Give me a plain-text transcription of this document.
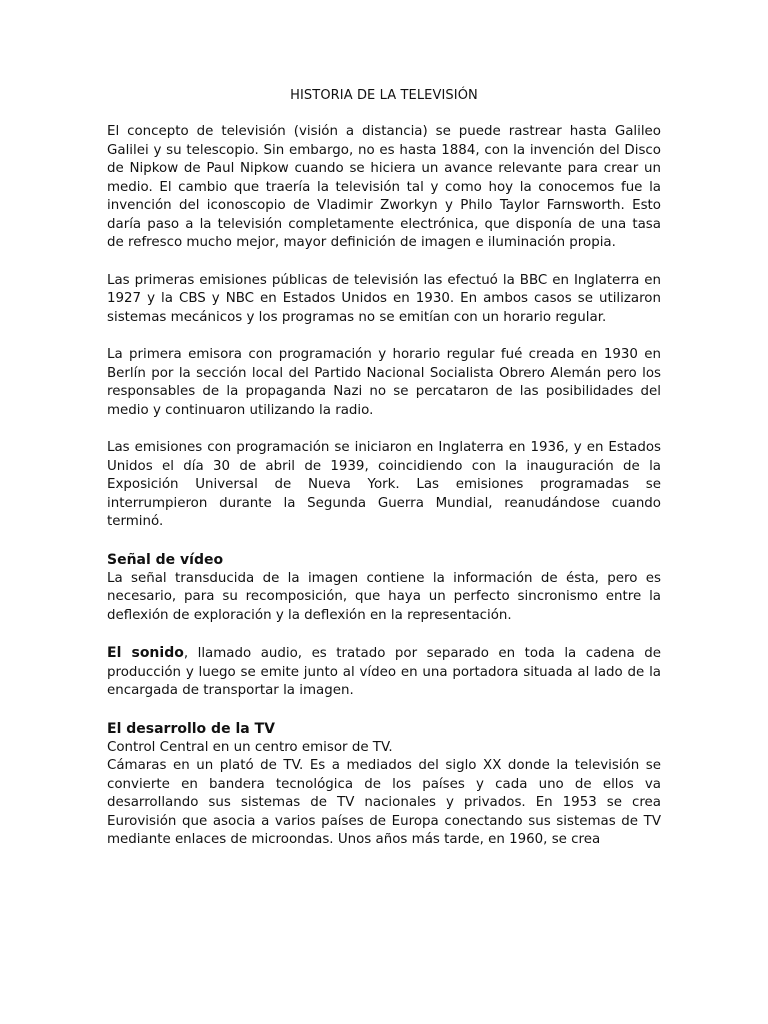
HISTORIA DE LA TELEVISIÓN

El concepto de televisión (visión a distancia) se puede rastrear hasta Galileo Galilei y su telescopio. Sin embargo, no es hasta 1884, con la invención del Disco de Nipkow de Paul Nipkow cuando se hiciera un avance relevante para crear un medio. El cambio que traería la televisión tal y como hoy la conocemos fue la invención del iconoscopio de Vladimir Zworkyn y Philo Taylor Farnsworth. Esto daría paso a la televisión completamente electrónica, que disponía de una tasa de refresco mucho mejor, mayor definición de imagen e iluminación propia.

Las primeras emisiones públicas de televisión las efectuó la BBC en Inglaterra en 1927 y la CBS y NBC en Estados Unidos en 1930. En ambos casos se utilizaron sistemas mecánicos y los programas no se emitían con un horario regular.

La primera emisora con programación y horario regular fué creada en 1930 en Berlín por la sección local del Partido Nacional Socialista Obrero Alemán pero los responsables de la propaganda Nazi no se percataron de las posibilidades del medio y continuaron utilizando la radio.

Las emisiones con programación se iniciaron en Inglaterra en 1936, y en Estados Unidos el día 30 de abril de 1939, coincidiendo con la inauguración de la Exposición Universal de Nueva York. Las emisiones programadas se interrumpieron durante la Segunda Guerra Mundial, reanudándose cuando terminó.

Señal de vídeo

La señal transducida de la imagen contiene la información de ésta, pero es necesario, para su recomposición, que haya un perfecto sincronismo entre la deflexión de exploración y la deflexión en la representación.

El sonido, llamado audio, es tratado por separado en toda la cadena de producción y luego se emite junto al vídeo en una portadora situada al lado de la encargada de transportar la imagen.

El desarrollo de la TV

Control Central en un centro emisor de TV.

Cámaras en un plató de TV. Es a mediados del siglo XX donde la televisión se convierte en bandera tecnológica de los países y cada uno de ellos va desarrollando sus sistemas de TV nacionales y privados. En 1953 se crea Eurovisión que asocia a varios países de Europa conectando sus sistemas de TV mediante enlaces de microondas. Unos años más tarde, en 1960, se crea
